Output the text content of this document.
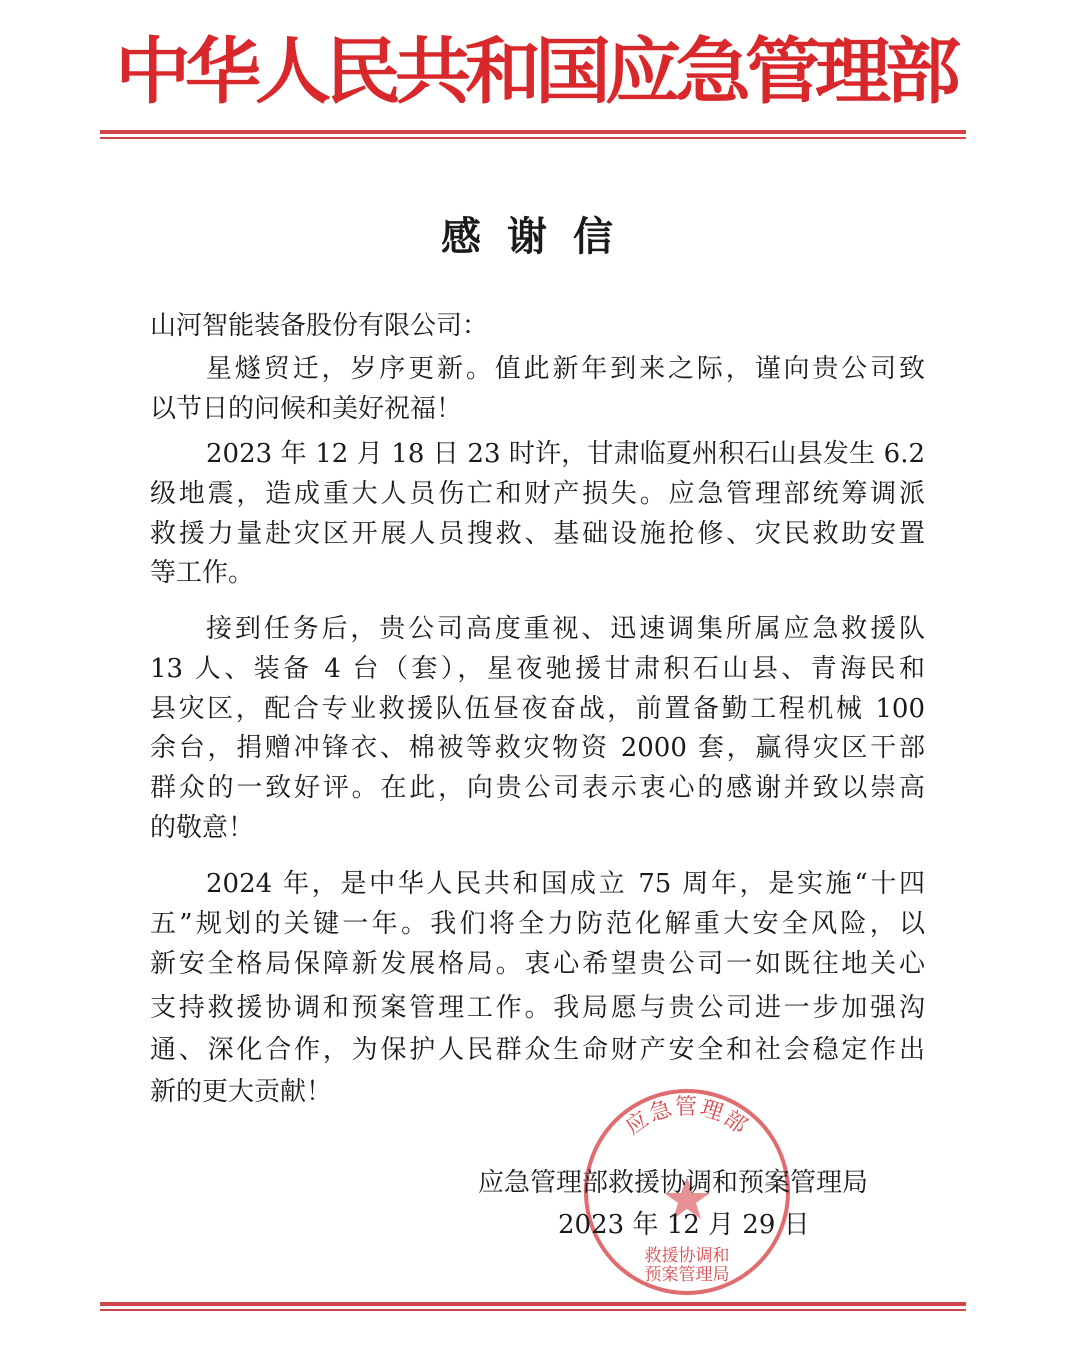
中华人民共和国应急管理部
感谢信
山河智能装备股份有限公司：
星燧贸迁，岁序更新。值此新年到来之际，谨向贵公司致
以节日的问候和美好祝福！
2023 年 12 月 18 日 23 时许，甘肃临夏州积石山县发生 6.2
级地震，造成重大人员伤亡和财产损失。应急管理部统筹调派
救援力量赴灾区开展人员搜救、基础设施抢修、灾民救助安置
等工作。
接到任务后，贵公司高度重视、迅速调集所属应急救援队
13 人、装备 4 台（套），星夜驰援甘肃积石山县、青海民和
县灾区，配合专业救援队伍昼夜奋战，前置备勤工程机械 100
余台，捐赠冲锋衣、棉被等救灾物资 2000 套，赢得灾区干部
群众的一致好评。在此，向贵公司表示衷心的感谢并致以崇高
的敬意！
2024 年，是中华人民共和国成立 75 周年，是实施“十四
五”规划的关键一年。我们将全力防范化解重大安全风险，以
新安全格局保障新发展格局。衷心希望贵公司一如既往地关心
支持救援协调和预案管理工作。我局愿与贵公司进一步加强沟
通、深化合作，为保护人民群众生命财产安全和社会稳定作出
新的更大贡献！
应急管理部
救援协调和预案管理局
应急管理部救援协调和预案管理局
2023 年 12 月 29 日
